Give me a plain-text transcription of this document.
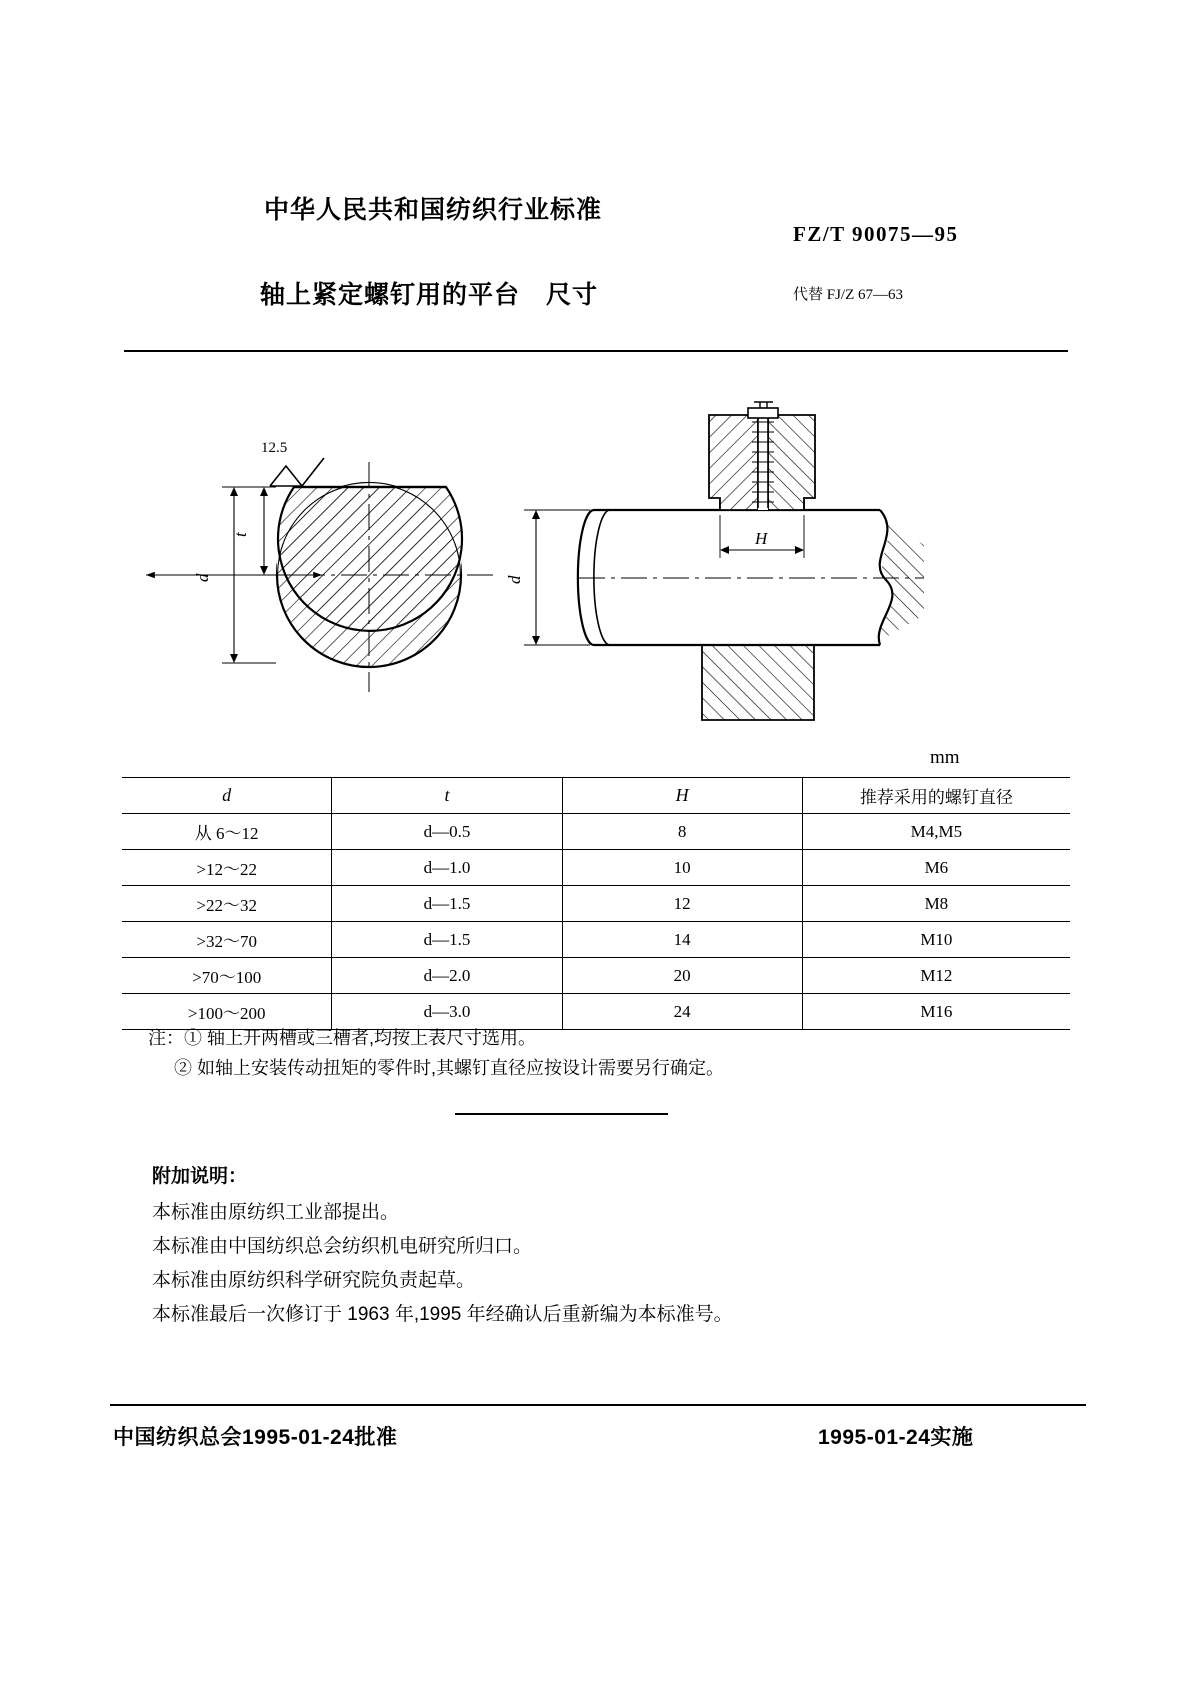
中华人民共和国纺织行业标准
FZ/T 90075—95
轴上紧定螺钉用的平台　尺寸	代替 FJ/Z 67—63
12.5
d
t	H
d
mm
d	t	H	推荐采用的螺钉直径
从 6～12	d—0.5	8	M4,M5
>12～22	d—1.0	10	M6
>22～32	d—1.5	12	M8
>32～70	d—1.5	14	M10
>70～100	d—2.0	20	M12
>100～200	d—3.0	24	M16
注：① 轴上开两槽或三槽者,均按上表尺寸选用。
② 如轴上安装传动扭矩的零件时,其螺钉直径应按设计需要另行确定。
附加说明：
本标准由原纺织工业部提出。
本标准由中国纺织总会纺织机电研究所归口。
本标准由原纺织科学研究院负责起草。
本标准最后一次修订于 1963 年,1995 年经确认后重新编为本标准号。
中国纺织总会1995-01-24批准	1995-01-24实施
